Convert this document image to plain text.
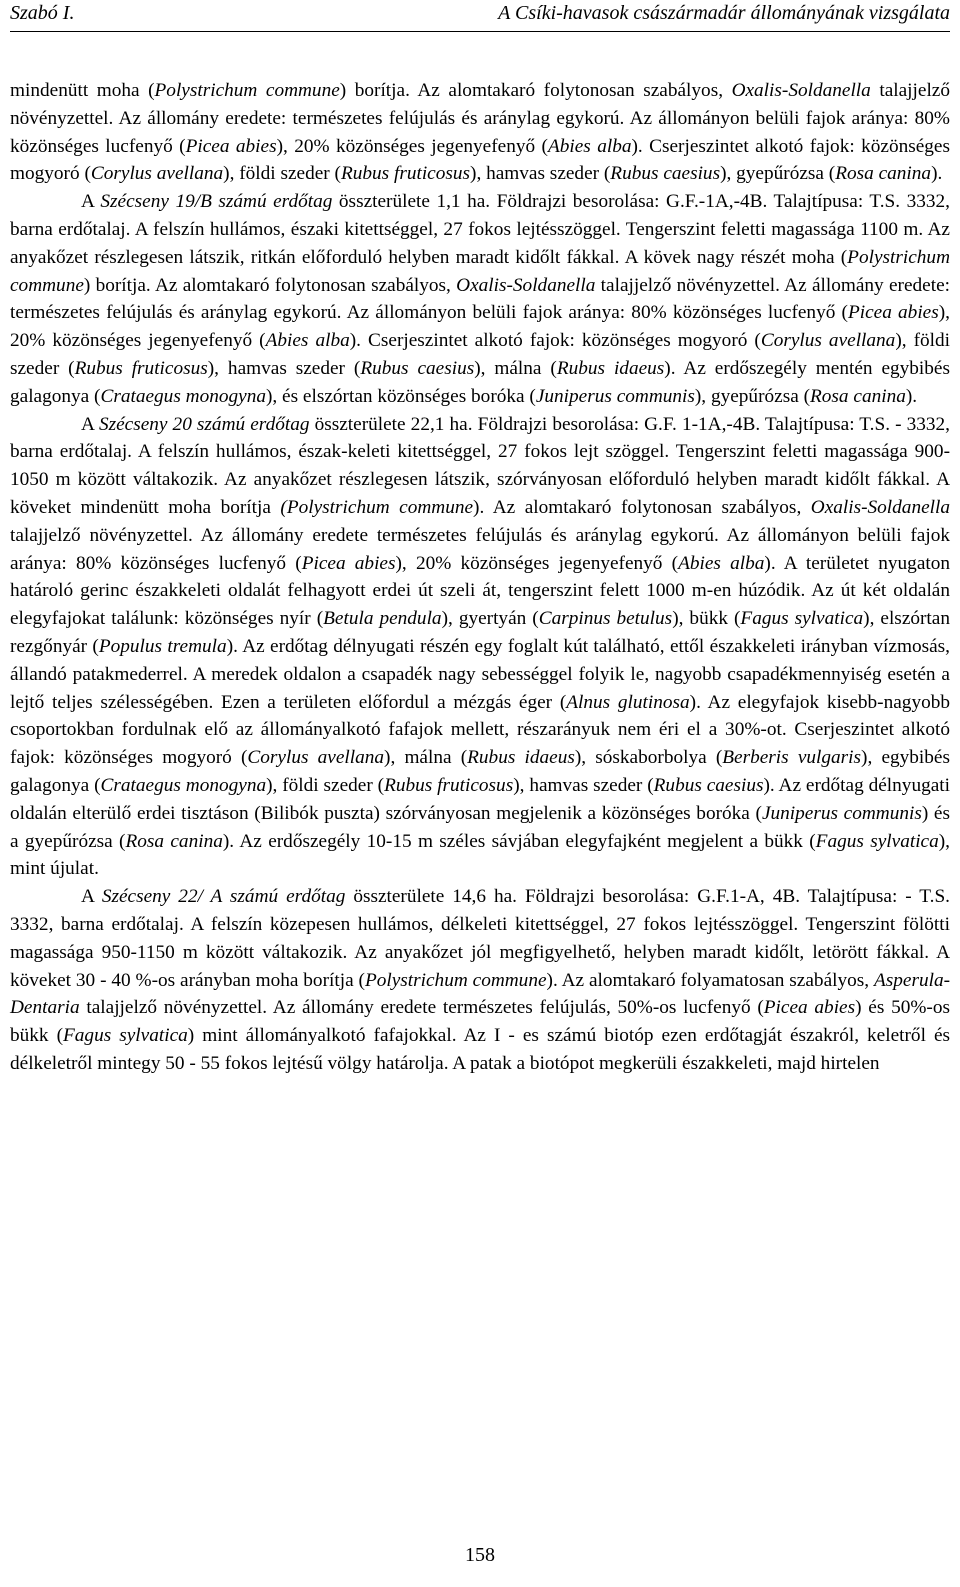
Szabó I.	A Csíki-havasok császármadár állományának vizsgálata

mindenütt moha (Polystrichum commune) borítja. Az alomtakaró folytonosan szabályos, Oxalis-Soldanella talajjelző növényzettel. Az állomány eredete: természetes felújulás és aránylag egykorú. Az állományon belüli fajok aránya: 80% közönséges lucfenyő (Picea abies), 20% közönséges jegenyefenyő (Abies alba). Cserjeszintet alkotó fajok: közönséges mogyoró (Corylus avellana), földi szeder (Rubus fruticosus), hamvas szeder (Rubus caesius), gyepűrózsa (Rosa canina).

A Szécseny 19/B számú erdőtag összterülete 1,1 ha. Földrajzi besorolása: G.F.-1A,-4B. Talajtípusa: T.S. 3332, barna erdőtalaj. A felszín hullámos, északi kitettséggel, 27 fokos lejtésszöggel. Tengerszint feletti magassága 1100 m. Az anyakőzet részlegesen látszik, ritkán előforduló helyben maradt kidőlt fákkal. A kövek nagy részét moha (Polystrichum commune) borítja. Az alomtakaró folytonosan szabályos, Oxalis-Soldanella talajjelző növényzettel. Az állomány eredete: természetes felújulás és aránylag egykorú. Az állományon belüli fajok aránya: 80% közönséges lucfenyő (Picea abies), 20% közönséges jegenyefenyő (Abies alba). Cserjeszintet alkotó fajok: közönséges mogyoró (Corylus avellana), földi szeder (Rubus fruticosus), hamvas szeder (Rubus caesius), málna (Rubus idaeus). Az erdőszegély mentén egybibés galagonya (Crataegus monogyna), és elszórtan közönséges boróka (Juniperus communis), gyepűrózsa (Rosa canina).

A Szécseny 20 számú erdőtag összterülete 22,1 ha. Földrajzi besorolása: G.F. 1-1A,-4B. Talajtípusa: T.S. - 3332, barna erdőtalaj. A felszín hullámos, észak-keleti kitettséggel, 27 fokos lejt szöggel. Tengerszint feletti magassága 900-1050 m között váltakozik. Az anyakőzet részlegesen látszik, szórványosan előforduló helyben maradt kidőlt fákkal. A köveket mindenütt moha borítja (Polystrichum commune). Az alomtakaró folytonosan szabályos, Oxalis-Soldanella talajjelző növényzettel. Az állomány eredete természetes felújulás és aránylag egykorú. Az állományon belüli fajok aránya: 80% közönséges lucfenyő (Picea abies), 20% közönséges jegenyefenyő (Abies alba). A területet nyugaton határoló gerinc északkeleti oldalát felhagyott erdei út szeli át, tengerszint felett 1000 m-en húzódik. Az út két oldalán elegyfajokat találunk: közönséges nyír (Betula pendula), gyertyán (Carpinus betulus), bükk (Fagus sylvatica), elszórtan rezgőnyár (Populus tremula). Az erdőtag délnyugati részén egy foglalt kút található, ettől északkeleti irányban vízmosás, állandó patakmederrel. A meredek oldalon a csapadék nagy sebességgel folyik le, nagyobb csapadékmennyiség esetén a lejtő teljes szélességében. Ezen a területen előfordul a mézgás éger (Alnus glutinosa). Az elegyfajok kisebb-nagyobb csoportokban fordulnak elő az állományalkotó fafajok mellett, részarányuk nem éri el a 30%-ot. Cserjeszintet alkotó fajok: közönséges mogyoró (Corylus avellana), málna (Rubus idaeus), sóskaborbolya (Berberis vulgaris), egybibés galagonya (Crataegus monogyna), földi szeder (Rubus fruticosus), hamvas szeder (Rubus caesius). Az erdőtag délnyugati oldalán elterülő erdei tisztáson (Bilibók puszta) szórványosan megjelenik a közönséges boróka (Juniperus communis) és a gyepűrózsa (Rosa canina). Az erdőszegély 10-15 m széles sávjában elegyfajként megjelent a bükk (Fagus sylvatica), mint újulat.

A Szécseny 22/ A számú erdőtag összterülete 14,6 ha. Földrajzi besorolása: G.F.1-A, 4B. Talajtípusa: - T.S. 3332, barna erdőtalaj. A felszín közepesen hullámos, délkeleti kitettséggel, 27 fokos lejtésszöggel. Tengerszint fölötti magassága 950-1150 m között váltakozik. Az anyakőzet jól megfigyelhető, helyben maradt kidőlt, letörött fákkal. A köveket 30 - 40 %-os arányban moha borítja (Polystrichum commune). Az alomtakaró folyamatosan szabályos, Asperula-Dentaria talajjelző növényzettel. Az állomány eredete természetes felújulás, 50%-os lucfenyő (Picea abies) és 50%-os bükk (Fagus sylvatica) mint állományalkotó fafajokkal. Az I - es számú biotóp ezen erdőtagját északról, keletről és délkeletről mintegy 50 - 55 fokos lejtésű völgy határolja. A patak a biotópot megkerüli északkeleti, majd hirtelen

158
